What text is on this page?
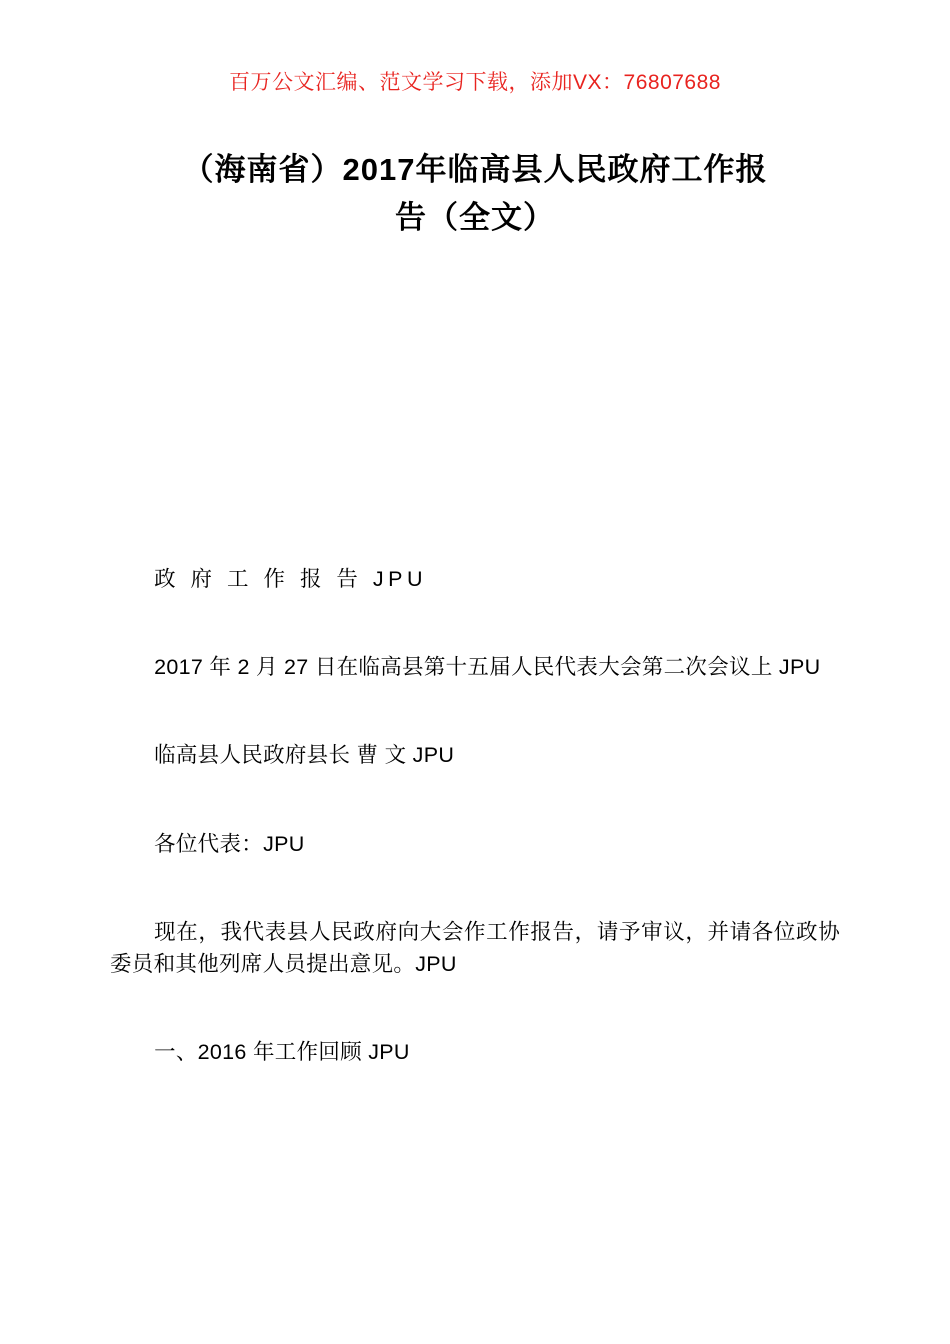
百万公文汇编、范文学习下载，添加VX：76807688
（海南省）2017年临高县人民政府工作报
告（全文）

政 府 工 作 报 告 JPU

2017 年 2 月 27 日在临高县第十五届人民代表大会第二次会议上 JPU

临高县人民政府县长 曹 文 JPU

各位代表：JPU

现在，我代表县人民政府向大会作工作报告，请予审议，并请各位政协委员和其他列席人员提出意见。JPU

一、2016 年工作回顾 JPU
